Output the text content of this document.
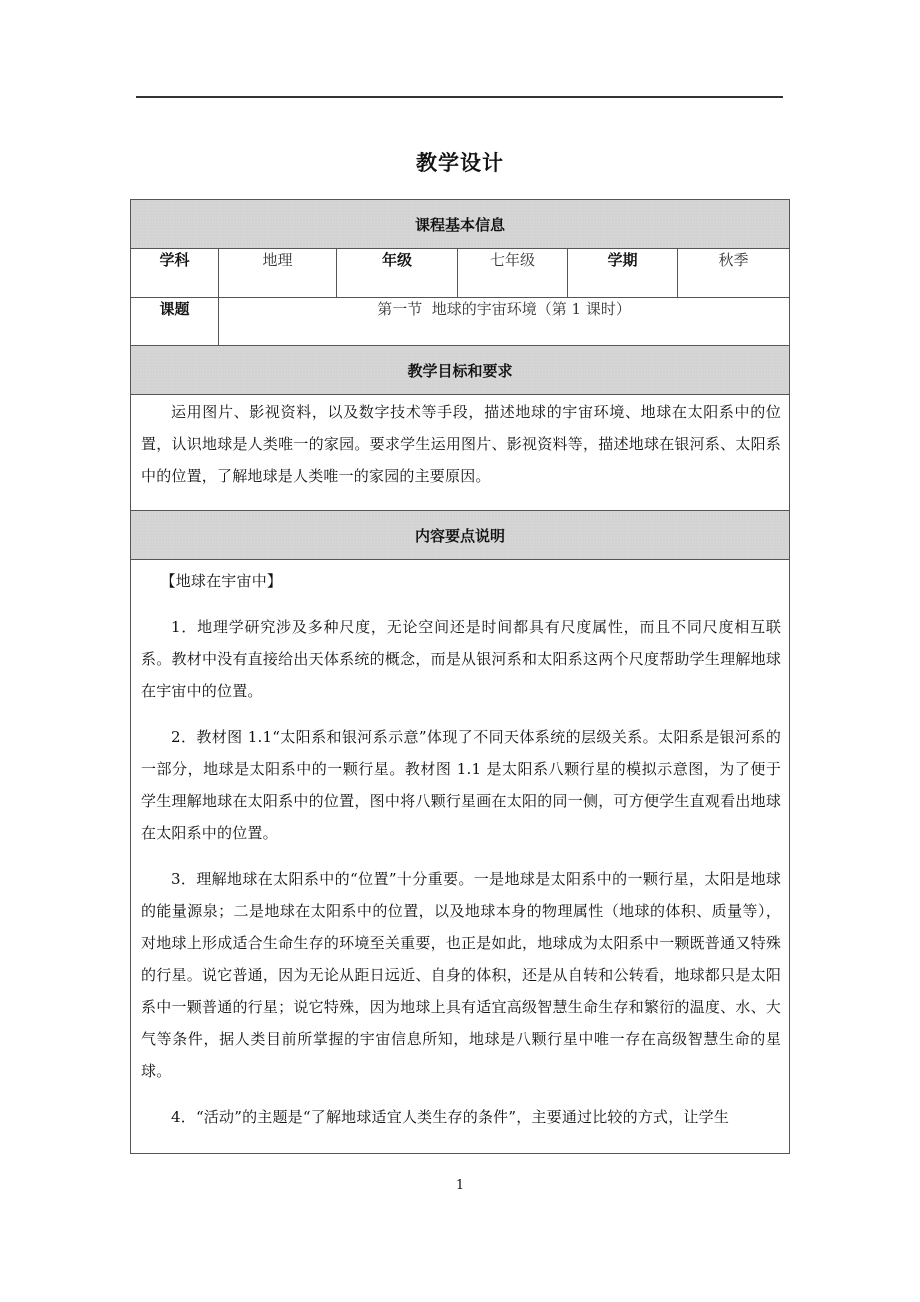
教学设计
课程基本信息					
学科	地理	年级	七年级	学期	秋季
课题	第一节  地球的宇宙环境（第 1 课时）				
教学目标和要求					

运用图片、影视资料，以及数字技术等手段，描述地球的宇宙环境、地球在太阳系中的位置，认识地球是人类唯一的家园。要求学生运用图片、影视资料等，描述地球在银河系、太阳系中的位置，了解地球是人类唯一的家园的主要原因。					

内容要点说明					

【地球在宇宙中】

1．地理学研究涉及多种尺度，无论空间还是时间都具有尺度属性，而且不同尺度相互联系。教材中没有直接给出天体系统的概念，而是从银河系和太阳系这两个尺度帮助学生理解地球在宇宙中的位置。

2．教材图 1.1“太阳系和银河系示意”体现了不同天体系统的层级关系。太阳系是银河系的一部分，地球是太阳系中的一颗行星。教材图 1.1 是太阳系八颗行星的模拟示意图，为了便于学生理解地球在太阳系中的位置，图中将八颗行星画在太阳的同一侧，可方便学生直观看出地球在太阳系中的位置。

3．理解地球在太阳系中的“位置”十分重要。一是地球是太阳系中的一颗行星，太阳是地球的能量源泉；二是地球在太阳系中的位置，以及地球本身的物理属性（地球的体积、质量等），对地球上形成适合生命生存的环境至关重要，也正是如此，地球成为太阳系中一颗既普通又特殊的行星。说它普通，因为无论从距日远近、自身的体积，还是从自转和公转看，地球都只是太阳系中一颗普通的行星；说它特殊，因为地球上具有适宜高级智慧生命生存和繁衍的温度、水、大气等条件，据人类目前所掌握的宇宙信息所知，地球是八颗行星中唯一存在高级智慧生命的星球。

4．“活动”的主题是“了解地球适宜人类生存的条件”，主要通过比较的方式，让学生					

1
